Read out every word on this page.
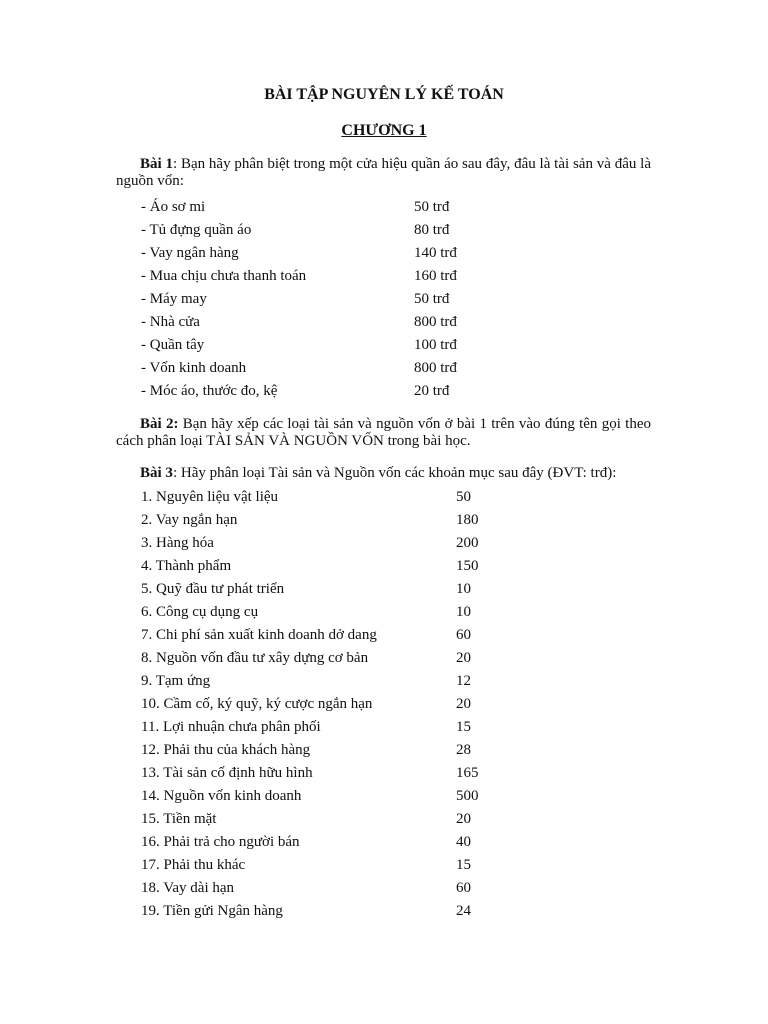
BÀI TẬP NGUYÊN LÝ KẾ TOÁN
CHƯƠNG 1
Bài 1: Bạn hãy phân biệt trong một cửa hiệu quần áo sau đây, đâu là tài sản và đâu là nguồn vốn:
- Áo sơ mi	50 trđ
- Tủ đựng quần áo	80 trđ
- Vay ngân hàng	140 trđ
- Mua chịu chưa thanh toán	160 trđ
- Máy may	50 trđ
- Nhà cửa	800 trđ
- Quần tây	100 trđ
- Vốn kinh doanh	800 trđ
- Móc áo, thước đo, kệ	20 trđ
Bài 2: Bạn hãy xếp các loại tài sản và nguồn vốn ở bài 1 trên vào đúng tên gọi theo cách phân loại TÀI SẢN VÀ NGUỒN VỐN trong bài học.
Bài 3: Hãy phân loại Tài sản và Nguồn vốn các khoản mục sau đây (ĐVT: trđ):
1. Nguyên liệu vật liệu	50
2. Vay ngắn hạn	180
3. Hàng hóa	200
4. Thành phẩm	150
5. Quỹ đầu tư phát triển	10
6. Công cụ dụng cụ	10
7. Chi phí sản xuất kinh doanh dở dang	60
8. Nguồn vốn đầu tư xây dựng cơ bản	20
9. Tạm ứng	12
10. Cầm cố, ký quỹ, ký cược ngắn hạn	20
11. Lợi nhuận chưa phân phối	15
12. Phải thu của khách hàng	28
13. Tài sản cố định hữu hình	165
14. Nguồn vốn kinh doanh	500
15. Tiền mặt	20
16. Phải trả cho người bán	40
17. Phải thu khác	15
18. Vay dài hạn	60
19. Tiền gửi Ngân hàng	24
